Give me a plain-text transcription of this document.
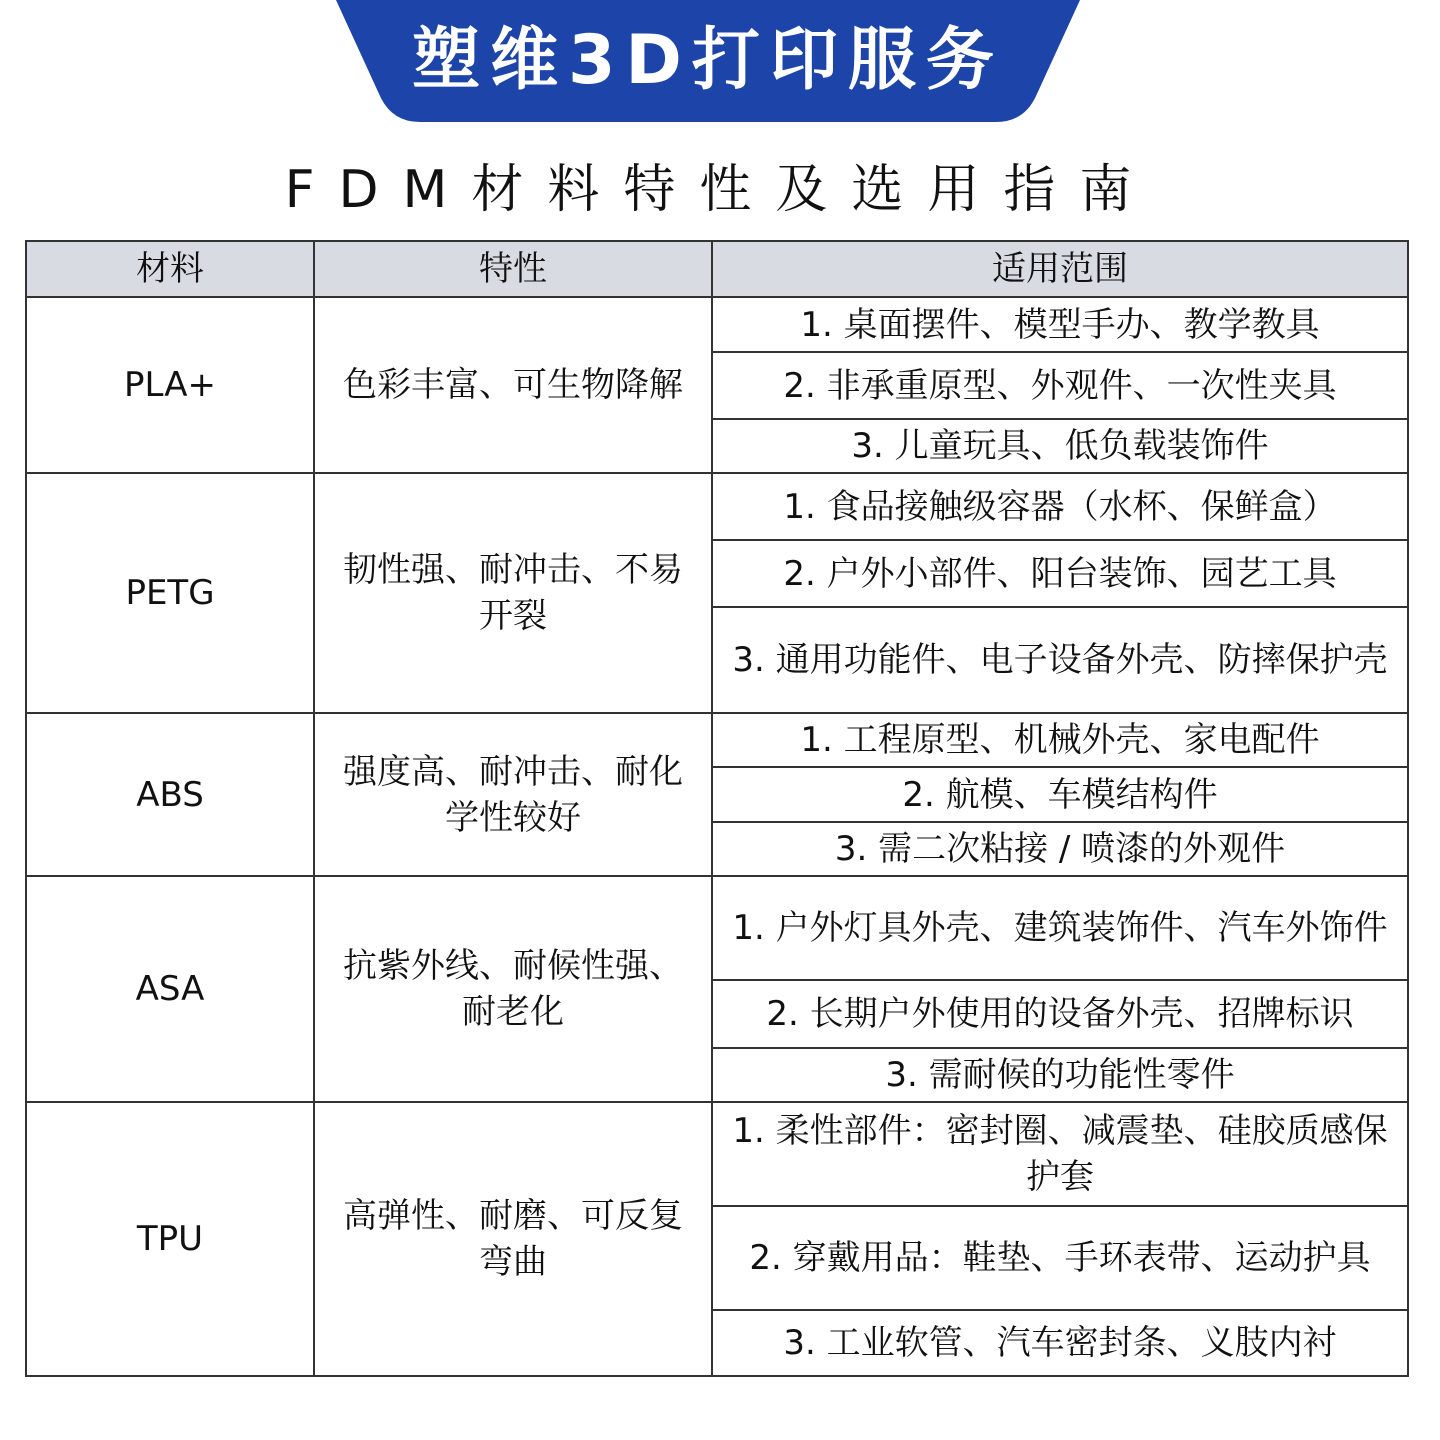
塑维3D打印服务
FDM材料特性及选用指南
材料	特性	适用范围
PLA+	色彩丰富、可生物降解	1. 桌面摆件、模型手办、教学教具
		2. 非承重原型、外观件、一次性夹具
		3. 儿童玩具、低负载装饰件
PETG	韧性强、耐冲击、不易开裂	1. 食品接触级容器（水杯、保鲜盒）
		2. 户外小部件、阳台装饰、园艺工具
		3. 通用功能件、电子设备外壳、防摔保护壳
ABS	强度高、耐冲击、耐化学性较好	1. 工程原型、机械外壳、家电配件
		2. 航模、车模结构件
		3. 需二次粘接 / 喷漆的外观件
ASA	抗紫外线、耐候性强、耐老化	1. 户外灯具外壳、建筑装饰件、汽车外饰件
		2. 长期户外使用的设备外壳、招牌标识
		3. 需耐候的功能性零件
TPU	高弹性、耐磨、可反复弯曲	1. 柔性部件：密封圈、减震垫、硅胶质感保护套
		2. 穿戴用品：鞋垫、手环表带、运动护具
		3. 工业软管、汽车密封条、义肢内衬
